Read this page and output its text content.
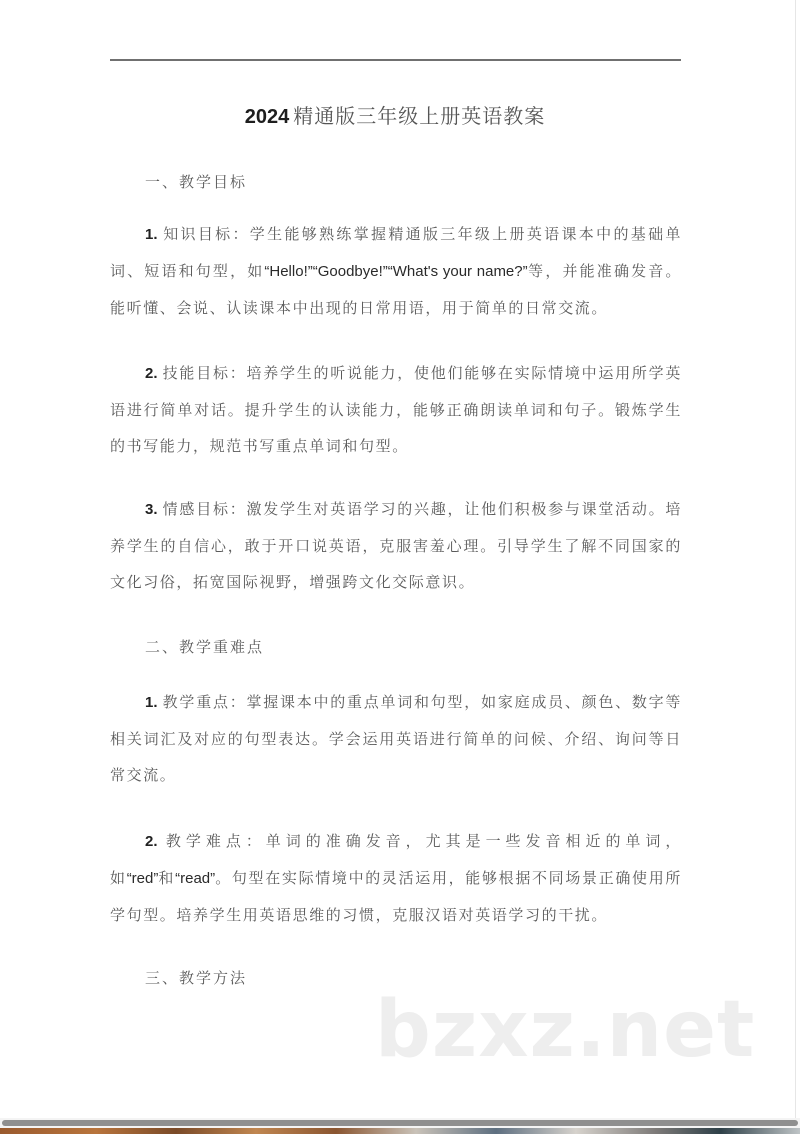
2024 精通版三年级上册英语教案
一、教学目标

1. 知识目标：学生能够熟练掌握精通版三年级上册英语课本中的基础单词、短语和句型，如“Hello!”“Goodbye!”“What's your name?”等，并能准确发音。能听懂、会说、认读课本中出现的日常用语，用于简单的日常交流。

2. 技能目标：培养学生的听说能力，使他们能够在实际情境中运用所学英语进行简单对话。提升学生的认读能力，能够正确朗读单词和句子。锻炼学生的书写能力，规范书写重点单词和句型。

3. 情感目标：激发学生对英语学习的兴趣，让他们积极参与课堂活动。培养学生的自信心，敢于开口说英语，克服害羞心理。引导学生了解不同国家的文化习俗，拓宽国际视野，增强跨文化交际意识。

二、教学重难点

1. 教学重点：掌握课本中的重点单词和句型，如家庭成员、颜色、数字等相关词汇及对应的句型表达。学会运用英语进行简单的问候、介绍、询问等日常交流。

2. 教学难点：单词的准确发音，尤其是一些发音相近的单词，如“red”和“read”。句型在实际情境中的灵活运用，能够根据不同场景正确使用所学句型。培养学生用英语思维的习惯，克服汉语对英语学习的干扰。

三、教学方法
bzxz.net
